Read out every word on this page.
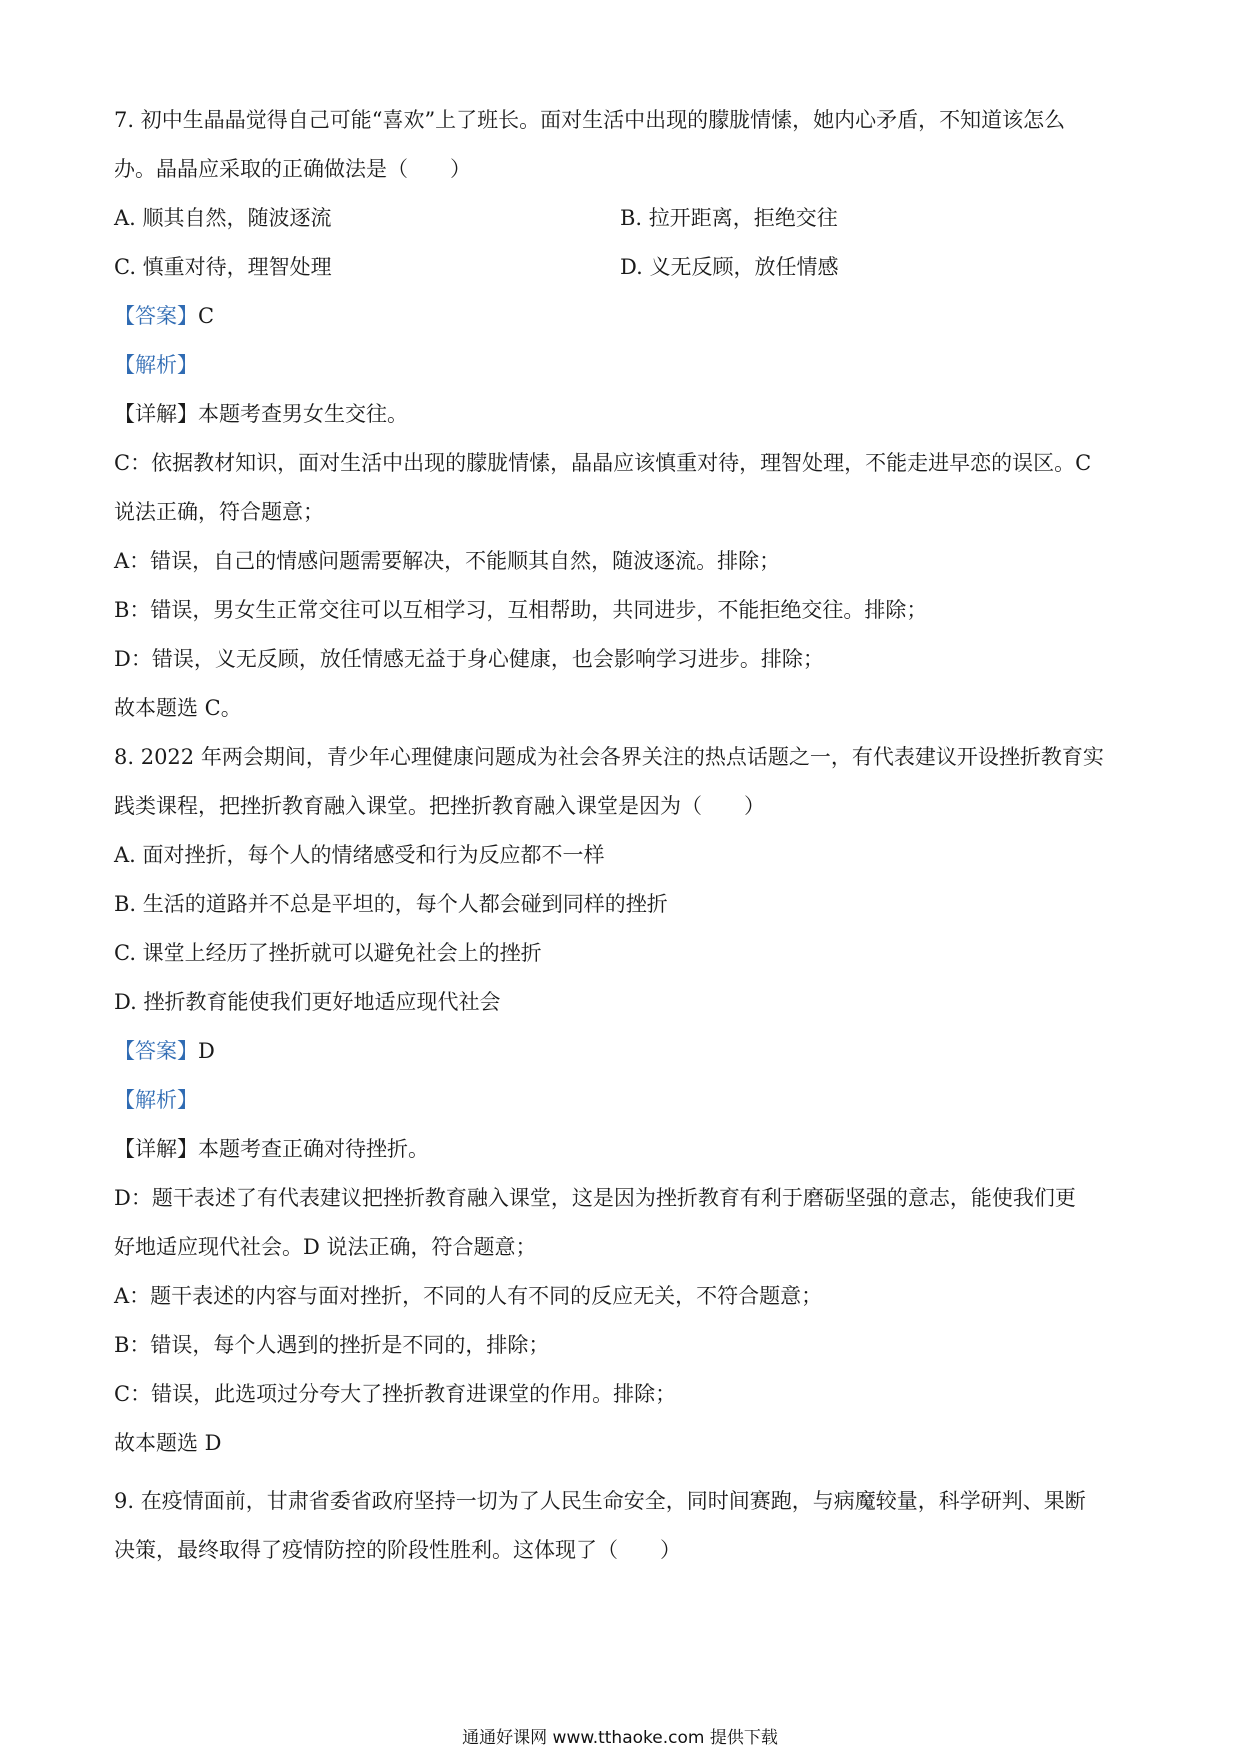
7. 初中生晶晶觉得自己可能“喜欢”上了班长。面对生活中出现的朦胧情愫，她内心矛盾，不知道该怎么
办。晶晶应采取的正确做法是（　　）
A. 顺其自然，随波逐流	B. 拉开距离，拒绝交往
C. 慎重对待，理智处理	D. 义无反顾，放任情感
【答案】C
【解析】
【详解】本题考查男女生交往。
C：依据教材知识，面对生活中出现的朦胧情愫，晶晶应该慎重对待，理智处理，不能走进早恋的误区。C
说法正确，符合题意；
A：错误，自己的情感问题需要解决，不能顺其自然，随波逐流。排除；
B：错误，男女生正常交往可以互相学习，互相帮助，共同进步，不能拒绝交往。排除；
D：错误，义无反顾，放任情感无益于身心健康，也会影响学习进步。排除；
故本题选 C。
8. 2022 年两会期间，青少年心理健康问题成为社会各界关注的热点话题之一，有代表建议开设挫折教育实
践类课程，把挫折教育融入课堂。把挫折教育融入课堂是因为（　　）
A. 面对挫折，每个人的情绪感受和行为反应都不一样
B. 生活的道路并不总是平坦的，每个人都会碰到同样的挫折
C. 课堂上经历了挫折就可以避免社会上的挫折
D. 挫折教育能使我们更好地适应现代社会
【答案】D
【解析】
【详解】本题考查正确对待挫折。
D：题干表述了有代表建议把挫折教育融入课堂，这是因为挫折教育有利于磨砺坚强的意志，能使我们更
好地适应现代社会。D 说法正确，符合题意；
A：题干表述的内容与面对挫折，不同的人有不同的反应无关，不符合题意；
B：错误，每个人遇到的挫折是不同的，排除；
C：错误，此选项过分夸大了挫折教育进课堂的作用。排除；
故本题选 D
9. 在疫情面前，甘肃省委省政府坚持一切为了人民生命安全，同时间赛跑，与病魔较量，科学研判、果断
决策，最终取得了疫情防控的阶段性胜利。这体现了（　　）
通通好课网 www.tthaoke.com 提供下载
